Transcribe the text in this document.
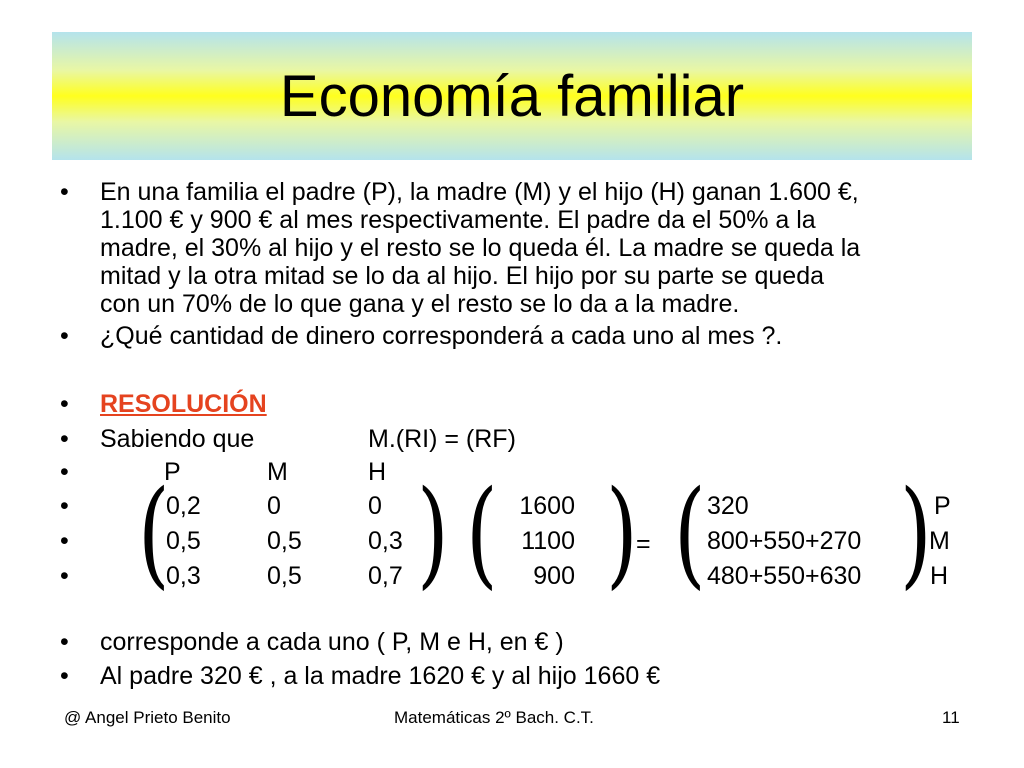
Economía familiar
• En una familia el padre (P), la madre (M) y el hijo (H) ganan 1.600 €,
1.100 € y 900 € al mes respectivamente. El padre da el 50% a la
madre, el 30% al hijo y el resto se lo queda él. La madre se queda la
mitad y la otra mitad se lo da al hijo. El hijo por su parte se queda
con un 70% de lo que gana y el resto se lo da a la madre.
• ¿Qué cantidad de dinero corresponderá a cada uno al mes ?.
• RESOLUCIÓN
• Sabiendo que	M.(RI) = (RF)
•	P	M	H
•
•
• ( ) ( ) ( )
0,2	0	0	1600	320	P
0,5	0,5	0,3	1100 = 800+550+270	M
0,3	0,5	0,7	900	480+550+630	H
• corresponde a cada uno ( P, M e H, en € )
• Al padre 320 € , a la madre 1620 € y al hijo 1660 €
@ Angel Prieto Benito	Matemáticas 2º Bach. C.T.	11
